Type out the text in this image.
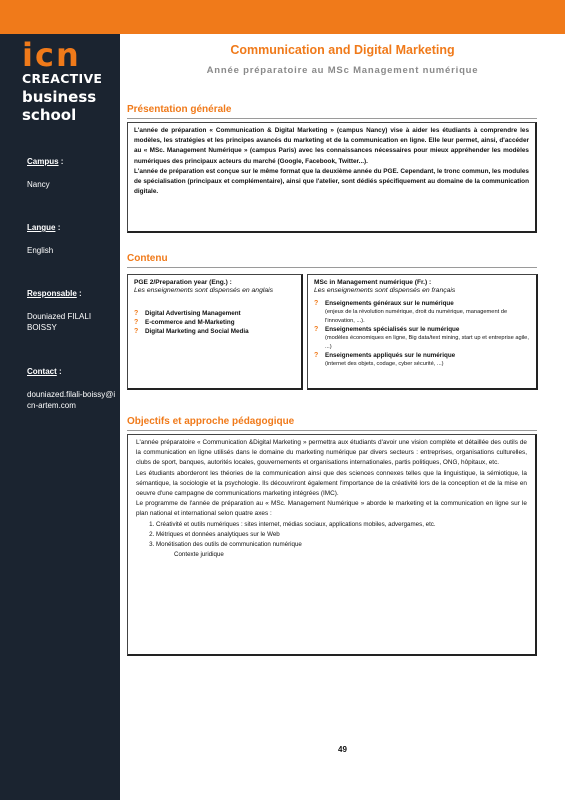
icn
CREACTIVE
business
school
Campus :
Nancy
Langue :
English
Responsable :
Douniazed FILALI BOISSY
Contact :
douniazed.filali-boissy@icn-artem.com
Communication and Digital Marketing
Année préparatoire au MSc Management numérique
Présentation générale

L'année de préparation « Communication & Digital Marketing » (campus Nancy) vise à aider les étudiants à comprendre les modèles, les stratégies et les principes avancés du marketing et de la communication en ligne. Elle leur permet, ainsi, d'accéder au « MSc. Management Numérique » (campus Paris) avec les connaissances nécessaires pour mieux appréhender les modèles numériques des principaux acteurs du marché (Google, Facebook, Twitter...).

L'année de préparation est conçue sur le même format que la deuxième année du PGE. Cependant, le tronc commun, les modules de spécialisation (principaux et complémentaire), ainsi que l'atelier, sont dédiés spécifiquement au domaine de la communication digitale.

Contenu
PGE 2/Preparation year (Eng.) :
Les enseignements sont dispensés en anglais
? Digital Advertising Management
? E-commerce and M-Marketing
? Digital Marketing and Social Media
MSc in Management numérique (Fr.) :
Les enseignements sont dispensés en français
? Enseignements généraux sur le numérique
(enjeux de la révolution numérique, droit du numérique, management de l'innovation, ...).
? Enseignements spécialisés sur le numérique
(modèles économiques en ligne, Big data/text mining, start up et entreprise agile, ...)
? Enseignements appliqués sur le numérique
(internet des objets, codage, cyber sécurité, ...)
Objectifs et approche pédagogique

L'année préparatoire « Communication &Digital Marketing » permettra aux étudiants d'avoir une vision complète et détaillée des outils de la communication en ligne utilisés dans le domaine du marketing numérique par divers secteurs : entreprises, organisations culturelles, clubs de sport, banques, autorités locales, gouvernements et organisations internationales, partis politiques, ONG, hôpitaux, etc.

Les étudiants aborderont les théories de la communication ainsi que des sciences connexes telles que la linguistique, la sémiotique, la sémantique, la sociologie et la psychologie. Ils découvriront également l'importance de la créativité lors de la conception et de la mise en oeuvre d'une campagne de communications marketing intégrées (IMC).

Le programme de l'année de préparation au « MSc. Management Numérique » aborde le marketing et la communication en ligne sur le plan national et international selon quatre axes :

1. Créativité et outils numériques : sites internet, médias sociaux, applications mobiles, advergames, etc.
2. Métriques et données analytiques sur le Web
3. Monétisation des outils de communication numérique
Contexte juridique
49
